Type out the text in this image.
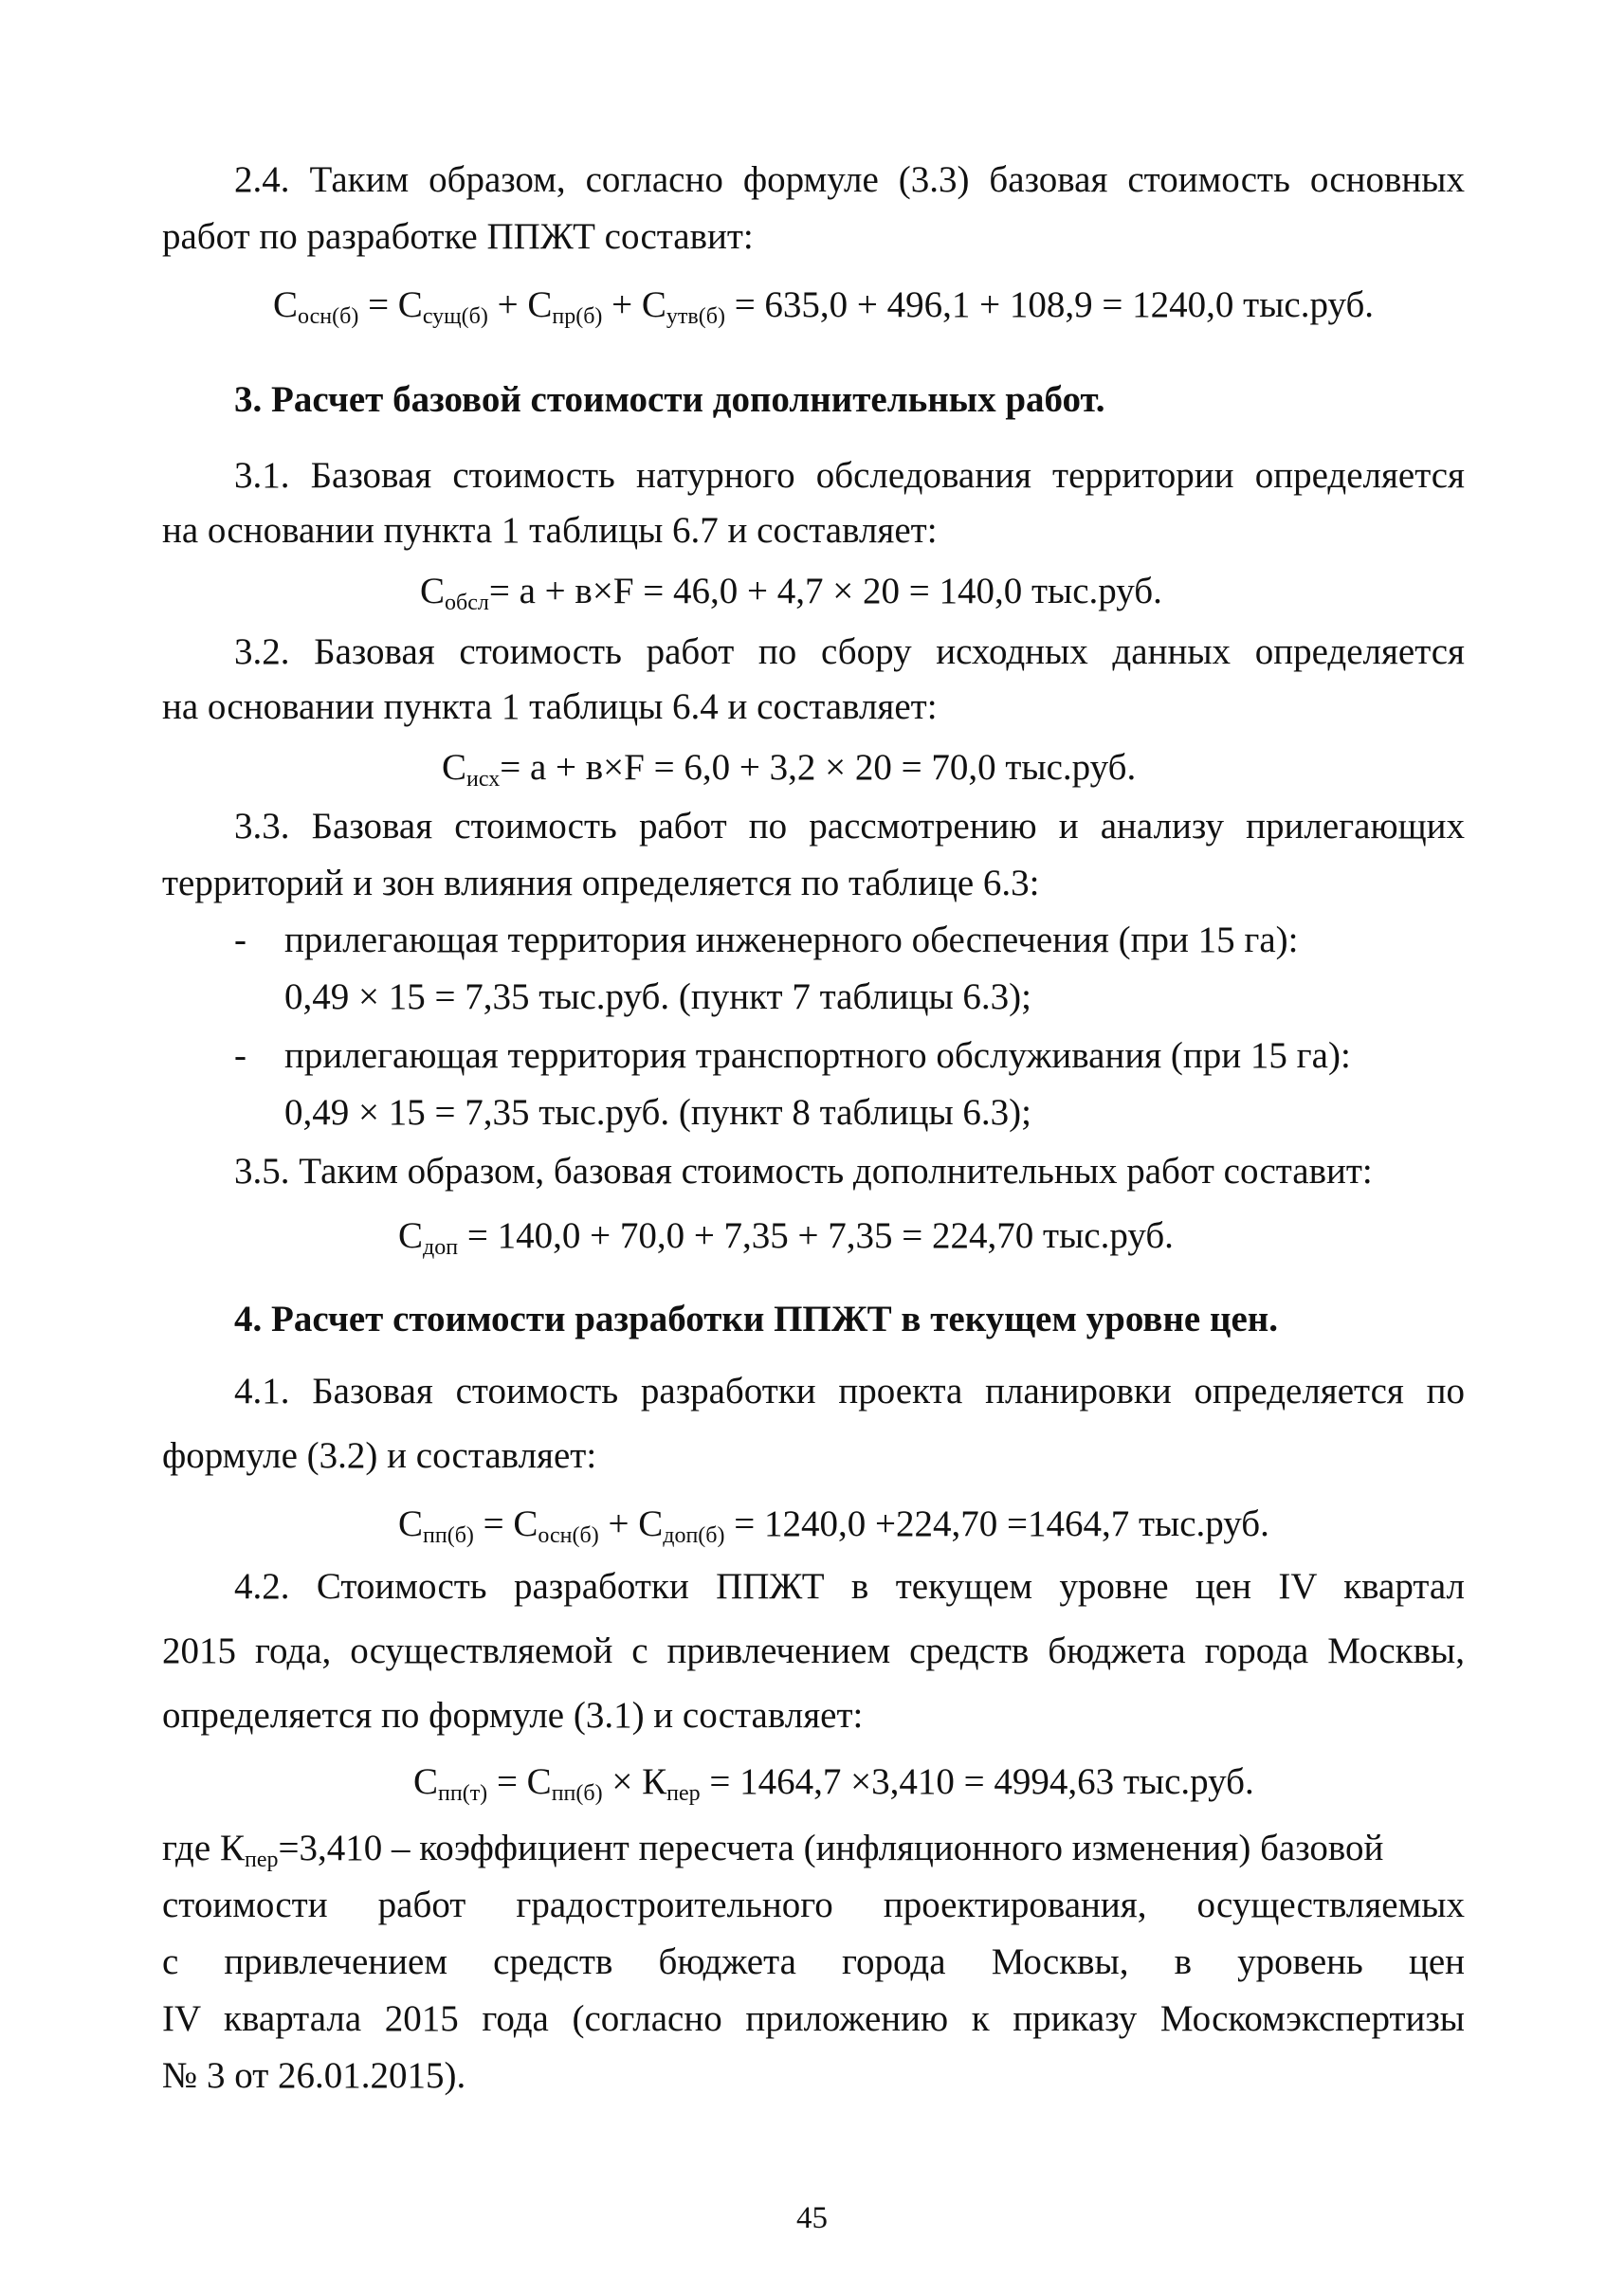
2.4. Таким образом, согласно формуле (3.3) базовая стоимость основных
работ по разработке ППЖТ составит:
$С_{осн(б)} = С_{сущ(б)} + С_{пр(б)} + С_{утв(б)} = 635,0 + 496,1 + 108,9 = 1240,0$ тыс.руб.
3. Расчет базовой стоимости дополнительных работ.
3.1. Базовая стоимость натурного обследования территории определяется
на основании пункта 1 таблицы 6.7 и составляет:
$С_{обсл}= а + в\times F = 46,0 + 4,7 \times 20 = 140,0$ тыс.руб.
3.2. Базовая стоимость работ по сбору исходных данных определяется
на основании пункта 1 таблицы 6.4 и составляет:
$С_{исх}= а + в\times F = 6,0 + 3,2 \times 20 = 70,0$ тыс.руб.
3.3. Базовая стоимость работ по рассмотрению и анализу прилегающих
территорий и зон влияния определяется по таблице 6.3:
- прилегающая территория инженерного обеспечения (при 15 га):
0,49 × 15 = 7,35 тыс.руб. (пункт 7 таблицы 6.3);
- прилегающая территория транспортного обслуживания (при 15 га):
0,49 × 15 = 7,35 тыс.руб. (пункт 8 таблицы 6.3);
3.5. Таким образом, базовая стоимость дополнительных работ составит:
$С_{доп} = 140,0 + 70,0 + 7,35 + 7,35 = 224,70$ тыс.руб.
4. Расчет стоимости разработки ППЖТ в текущем уровне цен.
4.1. Базовая стоимость разработки проекта планировки определяется по
формуле (3.2) и составляет:
$С_{пп(б)} = С_{осн(б)} + С_{доп(б)} = 1240,0 +224,70 =1464,7$ тыс.руб.
4.2. Стоимость разработки ППЖТ в текущем уровне цен IV квартал
2015 года, осуществляемой с привлечением средств бюджета города Москвы,
определяется по формуле (3.1) и составляет:
$С_{пп(т)} = С_{пп(б)} \times К_{пер} = 1464,7 \times 3,410 = 4994,63$ тыс.руб.
где $К_{пер}=3,410$ – коэффициент пересчета (инфляционного изменения) базовой
стоимости работ градостроительного проектирования, осуществляемых
с привлечением средств бюджета города Москвы, в уровень цен
IV квартала 2015 года (согласно приложению к приказу Москомэкспертизы
№ 3 от 26.01.2015).
45
